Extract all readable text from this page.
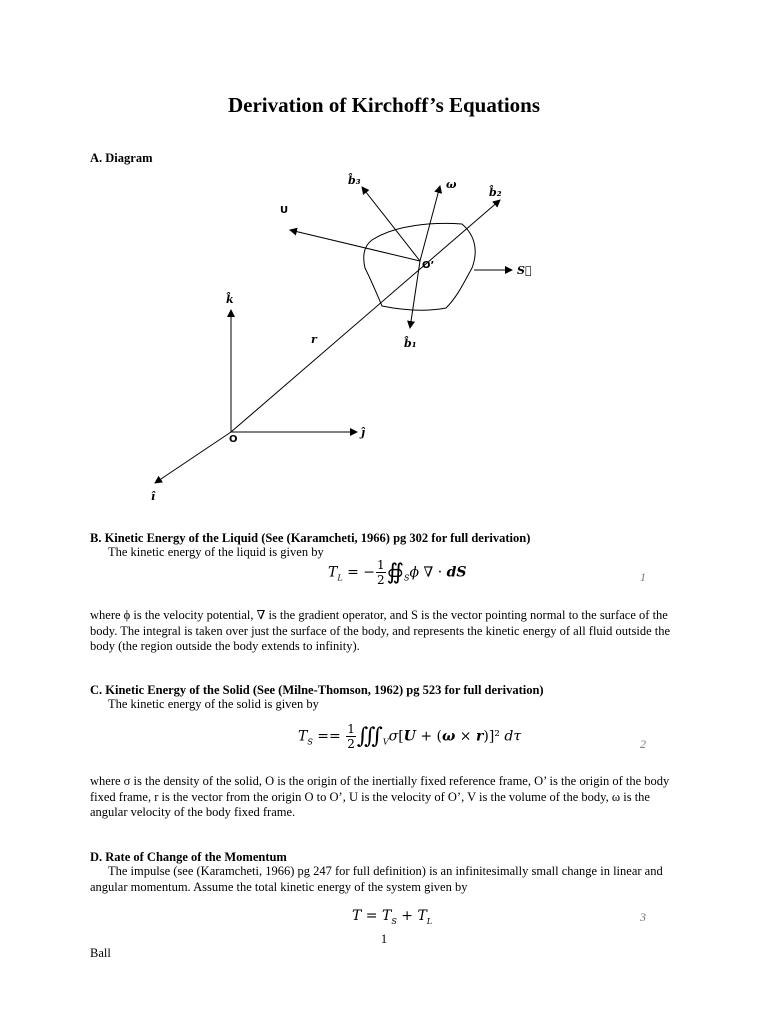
Derivation of Kirchoff’s Equations

A. Diagram

b̂₃	ω
b̂₂
U
O’	S⃗
k̂
r	b̂₁
O
ĵ
î

B. Kinetic Energy of the Liquid (See (Karamcheti, 1966) pg 302 for full derivation)

The kinetic energy of the liquid is given by

$T_L$ = − $\frac{1}{2}$ $∯_S\phi$ ∇ · dS	1

where ϕ is the velocity potential, ∇ is the gradient operator, and S is the vector pointing normal to the surface of the body. The integral is taken over just the surface of the body, and represents the kinetic energy of all fluid outside the body (the region outside the body extends to infinity).

C. Kinetic Energy of the Solid (See (Milne-Thomson, 1962) pg 523 for full derivation)

The kinetic energy of the solid is given by

$T_S == \frac{1}{2}$ $∭_V\sigma[U + (\omega \times r)]^2$ dτ	2

where σ is the density of the solid, O is the origin of the inertially fixed reference frame, O’ is the origin of the body fixed frame, r is the vector from the origin O to O’, U is the velocity of O’, V is the volume of the body, ω is the angular velocity of the body fixed frame.

D. Rate of Change of the Momentum

The impulse (see (Karamcheti, 1966) pg 247 for full definition) is an infinitesimally small change in linear and angular momentum. Assume the total kinetic energy of the system given by

$T = T_S + T_L$	3
1
Ball
